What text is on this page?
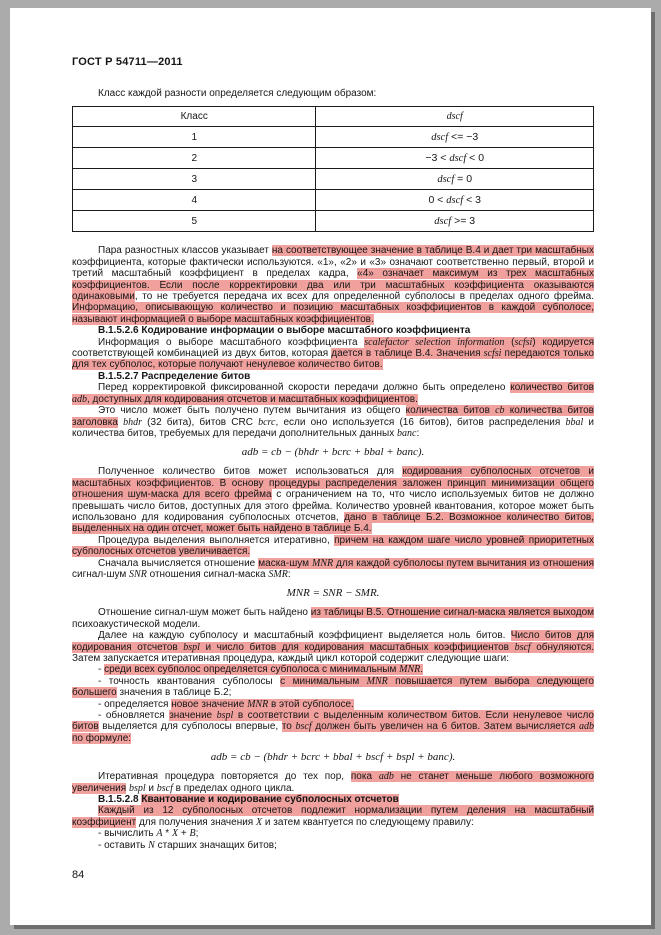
ГОСТ Р 54711—2011

Класс каждой разности определяется следующим образом:

Класс	dscf
1	dscf <= −3
2	−3 < dscf < 0
3	dscf = 0
4	0 < dscf < 3
5	dscf >= 3

Пара разностных классов указывает на соответствующее значение в таблице В.4 и дает три масштабных коэффициента, которые фактически используются. «1», «2» и «3» означают соответственно первый, второй и третий масштабный коэффициент в пределах кадра, «4» означает максимум из трех масштабных коэффициентов. Если после корректировки два или три масштабных коэффициента оказываются одинаковыми, то не требуется передача их всех для определенной субполосы в пределах одного фрейма. Информацию, описывающую количество и позицию масштабных коэффициентов в каждой субполосе, называют информацией о выборе масштабных коэффициентов.

В.1.5.2.6 Кодирование информации о выборе масштабного коэффициента

Информация о выборе масштабного коэффициента scalefactor selection information (scfsi) кодируется соответствующей комбинацией из двух битов, которая дается в таблице В.4. Значения scfsi передаются только для тех субполос, которые получают ненулевое количество битов.

В.1.5.2.7 Распределение битов

Перед корректировкой фиксированной скорости передачи должно быть определено количество битов adb, доступных для кодирования отсчетов и масштабных коэффициентов.

Это число может быть получено путем вычитания из общего количества битов cb количества битов заголовка bhdr (32 бита), битов CRC bcrc, если оно используется (16 битов), битов распределения bbal и количества битов, требуемых для передачи дополнительных данных banc:

adb = cb − (bhdr + bcrc + bbal + banc).

Полученное количество битов может использоваться для кодирования субполосных отсчетов и масштабных коэффициентов. В основу процедуры распределения заложен принцип минимизации общего отношения шум-маска для всего фрейма с ограничением на то, что число используемых битов не должно превышать число битов, доступных для этого фрейма. Количество уровней квантования, которое может быть использовано для кодирования субполосных отсчетов, дано в таблице Б.2. Возможное количество битов, выделенных на один отсчет, может быть найдено в таблице Б.4.

Процедура выделения выполняется итеративно, причем на каждом шаге число уровней приоритетных субполосных отсчетов увеличивается.

Сначала вычисляется отношение маска-шум MNR для каждой субполосы путем вычитания из отношения сигнал-шум SNR отношения сигнал-маска SMR:

MNR = SNR − SMR.

Отношение сигнал-шум может быть найдено из таблицы В.5. Отношение сигнал-маска является выходом психоакустической модели.

Далее на каждую субполосу и масштабный коэффициент выделяется ноль битов. Число битов для кодирования отсчетов bspl и число битов для кодирования масштабных коэффициентов bscf обнуляются. Затем запускается итеративная процедура, каждый цикл которой содержит следующие шаги:

- среди всех субполос определяется субполоса с минимальным MNR.

- точность квантования субполосы с минимальным MNR повышается путем выбора следующего большего значения в таблице Б.2;

- определяется новое значение MNR в этой субполосе.

- обновляется значение bspl в соответствии с выделенным количеством битов. Если ненулевое число битов выделяется для субполосы впервые, то bscf должен быть увеличен на 6 битов. Затем вычисляется adb по формуле:

adb = cb − (bhdr + bcrc + bbal + bscf + bspl + banc).

Итеративная процедура повторяется до тех пор, пока adb не станет меньше любого возможного увеличения bspl и bscf в пределах одного цикла.

В.1.5.2.8 Квантование и кодирование субполосных отсчетов

Каждый из 12 субполосных отсчетов подлежит нормализации путем деления на масштабный коэффициент для получения значения X и затем квантуется по следующему правилу:

- вычислить A * X + B;

- оставить N старших значащих битов;

84
